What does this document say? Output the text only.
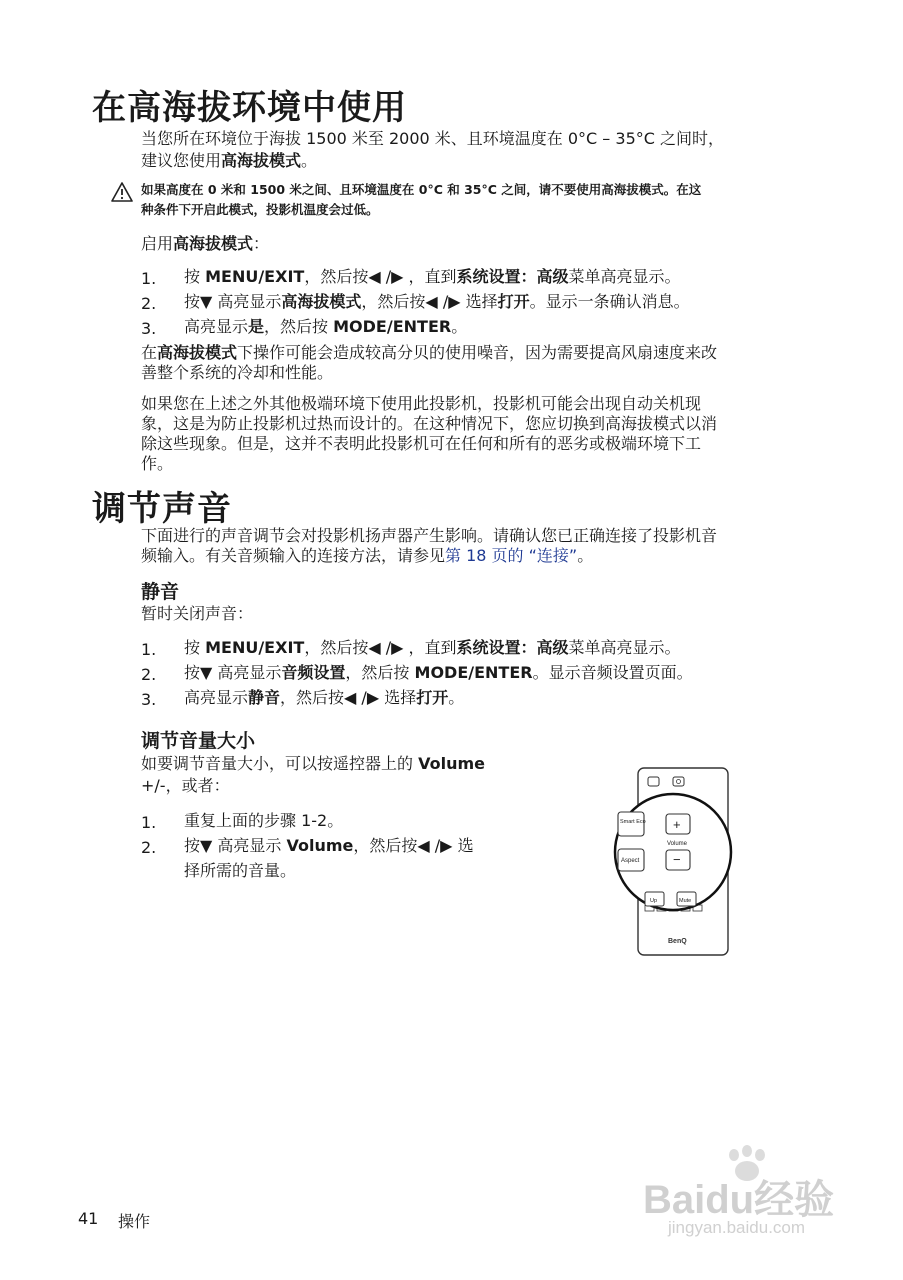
在高海拔环境中使用
当您所在环境位于海拔 1500 米至 2000 米、且环境温度在 0°C – 35°C 之间时，
建议您使用高海拔模式。
如果高度在 0 米和 1500 米之间、且环境温度在 0°C 和 35°C 之间，请不要使用高海拔模式。在这
种条件下开启此模式，投影机温度会过低。
启用高海拔模式：
1. 按 MENU/EXIT，然后按◀ /▶ ，直到系统设置：高级菜单高亮显示。
2. 按▼ 高亮显示高海拔模式，然后按◀ /▶ 选择打开。显示一条确认消息。
3. 高亮显示是，然后按 MODE/ENTER。
在高海拔模式下操作可能会造成较高分贝的使用噪音，因为需要提高风扇速度来改
善整个系统的冷却和性能。
如果您在上述之外其他极端环境下使用此投影机，投影机可能会出现自动关机现
象，这是为防止投影机过热而设计的。在这种情况下，您应切换到高海拔模式以消
除这些现象。但是，这并不表明此投影机可在任何和所有的恶劣或极端环境下工
作。
调节声音
下面进行的声音调节会对投影机扬声器产生影响。请确认您已正确连接了投影机音
频输入。有关音频输入的连接方法，请参见第 18 页的 “连接”。
静音
暂时关闭声音：
1. 按 MENU/EXIT，然后按◀ /▶ ，直到系统设置：高级菜单高亮显示。
2. 按▼ 高亮显示音频设置，然后按 MODE/ENTER。显示音频设置页面。
3. 高亮显示静音，然后按◀ /▶ 选择打开。
调节音量大小
如要调节音量大小，可以按遥控器上的 Volume
+/-，或者：
1. 重复上面的步骤 1-2。
2. 按▼ 高亮显示 Volume，然后按◀ /▶ 选
择所需的音量。
BenQ
Smart Eco +
Volume
Aspect	−
Up	Mute
Baidu经验
jingyan.baidu.com
41 操作
